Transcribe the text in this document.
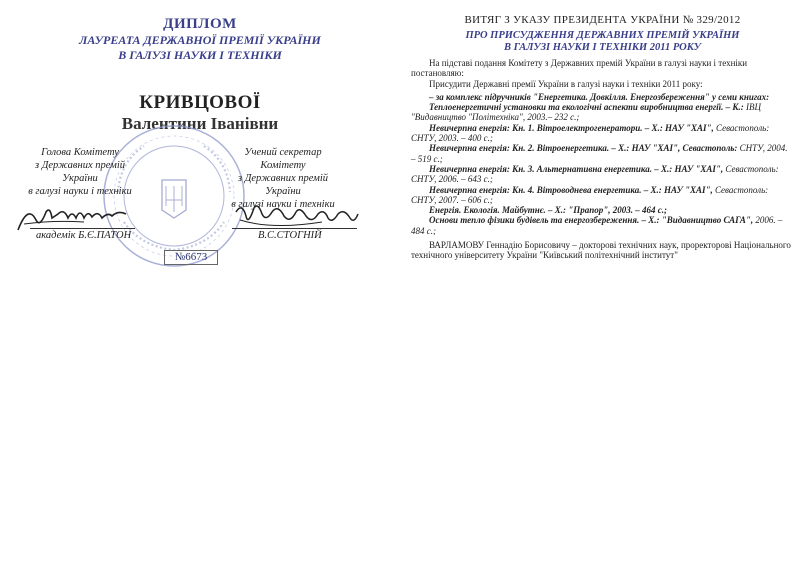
ДИПЛОМ
ЛАУРЕАТА ДЕРЖАВНОЇ ПРЕМІЇ УКРАЇНИ
В ГАЛУЗІ НАУКИ І ТЕХНІКИ
КРИВЦОВОЇ
Валентини Іванівни
Голова Комітету
з Державних премій України
в галузі науки і техніки
Учений секретар Комітету
з Державних премій України
в галузі науки і техніки
академік Б.Є.ПАТОН	В.С.СТОГНІЙ
№6673
ВИТЯГ З УКАЗУ ПРЕЗИДЕНТА УКРАЇНИ № 329/2012
ПРО ПРИСУДЖЕННЯ ДЕРЖАВНИХ ПРЕМІЙ УКРАЇНИ
В ГАЛУЗІ НАУКИ І ТЕХНІКИ 2011 РОКУ

На підставі подання Комітету з Державних премій України в галузі науки і техніки постановляю:

Присудити Державні премії України в галузі науки і техніки 2011 року:

– за комплекс підручників "Енергетика. Довкілля. Енергозбереження" у семи книгах:

Теплоенергетичні установки та екологічні аспекти виробництва енергії. – К.: ІВЦ "Видавництво "Політехніка", 2003.– 232 с.;

Невичерпна енергія: Кн. 1. Вітроелектрогенератори. – Х.: НАУ "ХАІ", Севастополь: СНТУ, 2003. – 400 с.;

Невичерпна енергія: Кн. 2. Вітроенергетика. – Х.: НАУ "ХАІ", Севастополь: СНТУ, 2004. – 519 с.;

Невичерпна енергія: Кн. 3. Альтернативна енергетика. – Х.: НАУ "ХАІ", Севастополь: СНТУ, 2006. – 643 с.;

Невичерпна енергія: Кн. 4. Вітроводнева енергетика. – Х.: НАУ "ХАІ", Севастополь: СНТУ, 2007. – 606 с.;

Енергія. Екологія. Майбутнє. – Х.: "Прапор", 2003. – 464 с.;

Основи тепло фізики будівель та енергозбереження. – Х.: "Видавництво САГА", 2006. – 484 с.;

ВАРЛАМОВУ Геннадію Борисовичу – докторові технічних наук, проректорові Національного технічного університету України "Київський політехнічний інститут"
